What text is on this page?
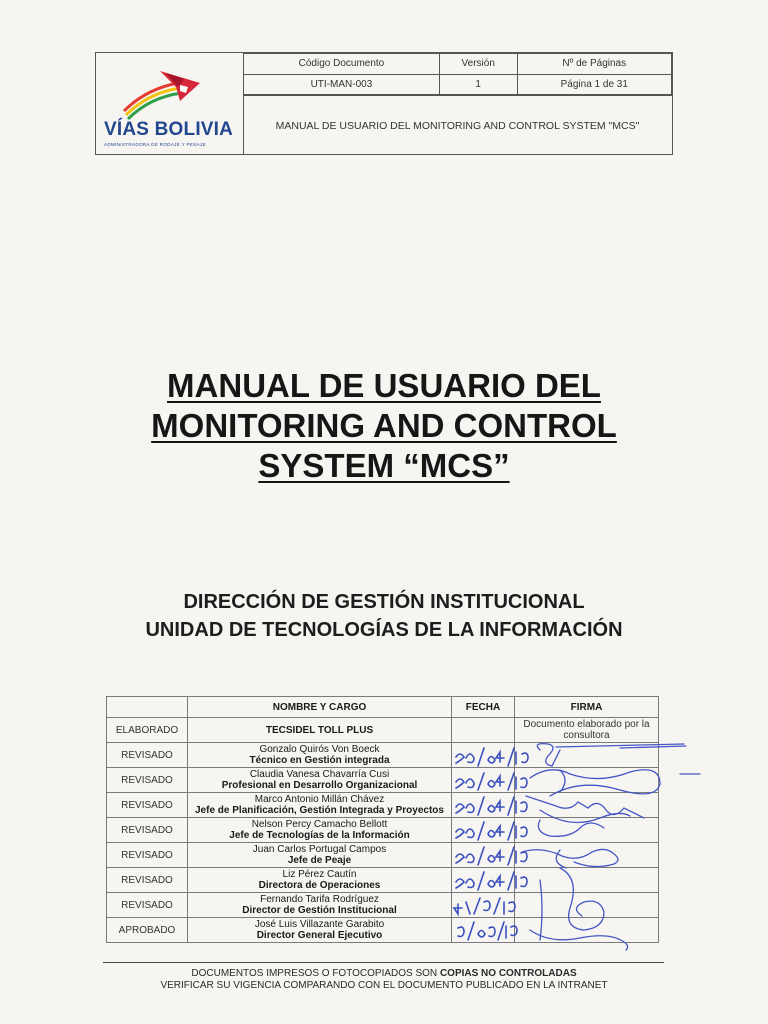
VÍAS BOLIVIA
ADMINISTRADORA DE RODAJE Y PESAJE
Código Documento	Versión	Nº de Páginas
UTI-MAN-003	1	Página 1 de 31
MANUAL DE USUARIO DEL MONITORING AND CONTROL SYSTEM "MCS"
MANUAL DE USUARIO DEL
MONITORING AND CONTROL
SYSTEM “MCS”
DIRECCIÓN DE GESTIÓN INSTITUCIONAL
UNIDAD DE TECNOLOGÍAS DE LA INFORMACIÓN
	NOMBRE Y CARGO	FECHA	FIRMA
ELABORADO	TECSIDEL TOLL PLUS		Documento elaborado por la consultora
REVISADO	Gonzalo Quirós Von Boeck
Técnico en Gestión integrada		

REVISADO	Claudia Vanesa Chavarría Cusi
Profesional en Desarrollo Organizacional		

REVISADO	Marco Antonio Millán Chávez
Jefe de Planificación, Gestión Integrada y Proyectos		

REVISADO	Nelson Percy Camacho Bellott
Jefe de Tecnologías de la Información		

REVISADO	Juan Carlos Portugal Campos
Jefe de Peaje		

REVISADO	Liz Pérez Cautín
Directora de Operaciones		

REVISADO	Fernando Tarifa Rodríguez
Director de Gestión Institucional		

APROBADO	José Luis Villazante Garabito
Director General Ejecutivo		

DOCUMENTOS IMPRESOS O FOTOCOPIADOS SON COPIAS NO CONTROLADAS
VERIFICAR SU VIGENCIA COMPARANDO CON EL DOCUMENTO PUBLICADO EN LA INTRANET
